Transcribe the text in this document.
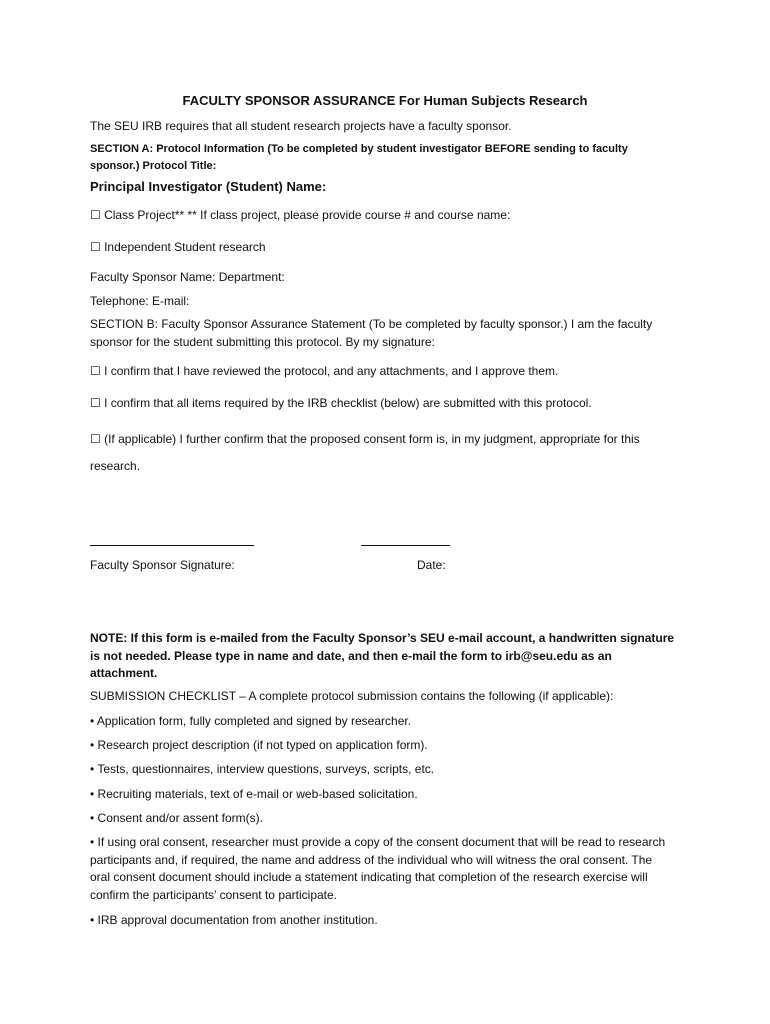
FACULTY SPONSOR ASSURANCE For Human Subjects Research

The SEU IRB requires that all student research projects have a faculty sponsor.

SECTION A: Protocol Information (To be completed by student investigator BEFORE sending to faculty sponsor.) Protocol Title:

Principal Investigator (Student) Name:

☐ Class Project** ** If class project, please provide course # and course name:

☐ Independent Student research

Faculty Sponsor Name: Department:

Telephone: E-mail:

SECTION B: Faculty Sponsor Assurance Statement (To be completed by faculty sponsor.) I am the faculty sponsor for the student submitting this protocol. By my signature:

☐ I confirm that I have reviewed the protocol, and any attachments, and I approve them.

☐ I confirm that all items required by the IRB checklist (below) are submitted with this protocol.

☐ (If applicable) I further confirm that the proposed consent form is, in my judgment, appropriate for this research.

Faculty Sponsor Signature:	Date:

NOTE: If this form is e-mailed from the Faculty Sponsor’s SEU e-mail account, a handwritten signature is not needed. Please type in name and date, and then e-mail the form to irb@seu.edu as an attachment.

SUBMISSION CHECKLIST – A complete protocol submission contains the following (if applicable):

• Application form, fully completed and signed by researcher.

• Research project description (if not typed on application form).

• Tests, questionnaires, interview questions, surveys, scripts, etc.

• Recruiting materials, text of e-mail or web-based solicitation.

• Consent and/or assent form(s).

• If using oral consent, researcher must provide a copy of the consent document that will be read to research participants and, if required, the name and address of the individual who will witness the oral consent. The oral consent document should include a statement indicating that completion of the research exercise will confirm the participants’ consent to participate.

• IRB approval documentation from another institution.
